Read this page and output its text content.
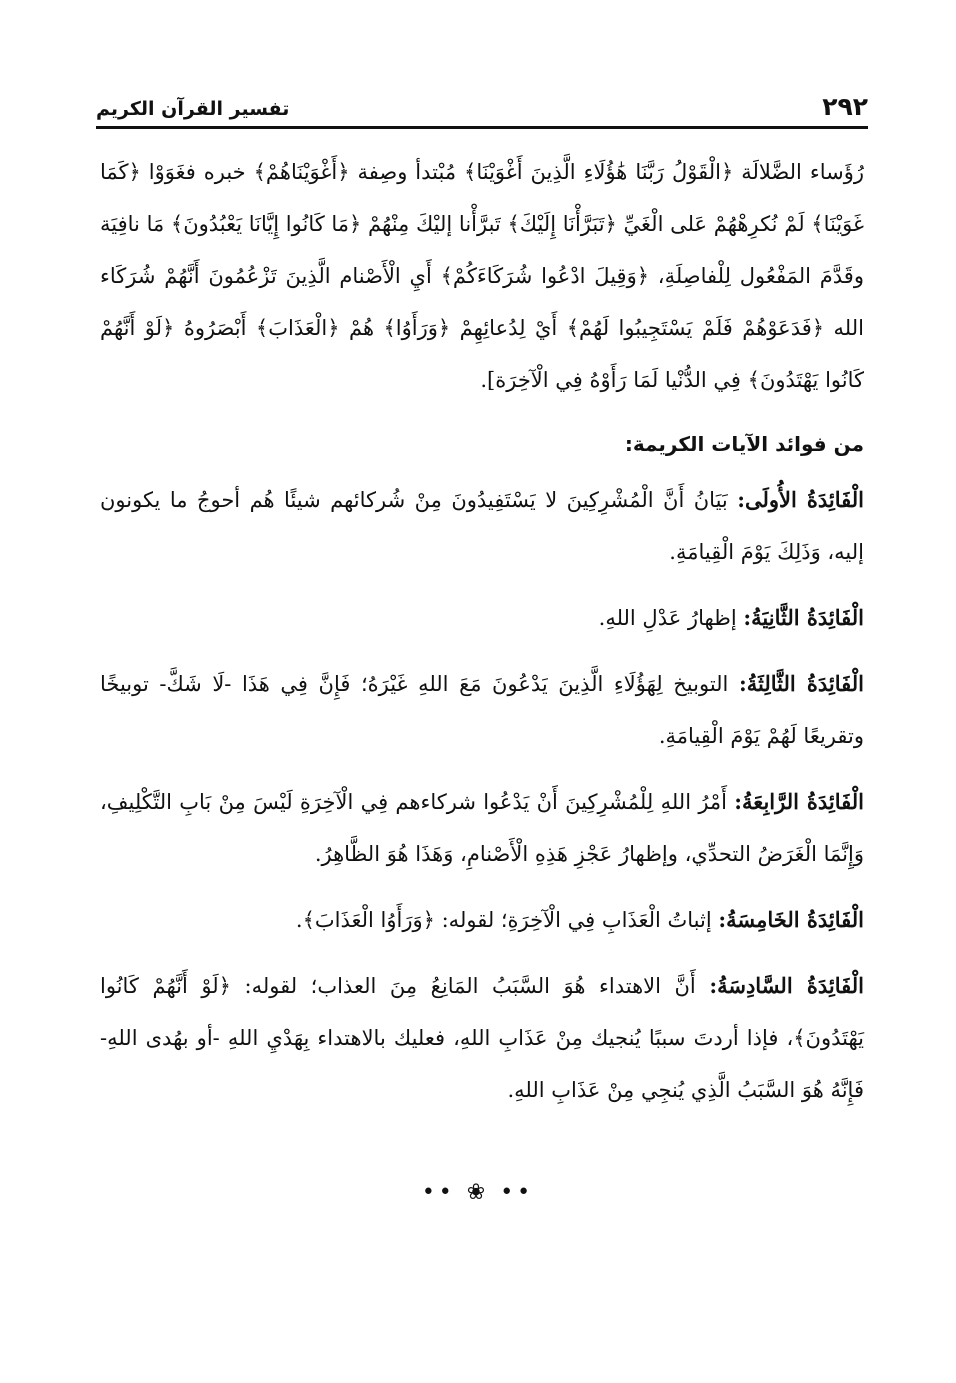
٢٩٢
تفسير القرآن الكريم

رُؤَساء الضَّلالَة ﴿الْقَوْلُ رَبَّنَا هَٰؤُلَاءِ الَّذِينَ أَغْوَيْنَا﴾ مُبْتدأ وصِفة ﴿أَغْوَيْنَاهُمْ﴾ خبره فغَوَوْا ﴿كَمَا غَوَيْنَا﴾ لَمْ نُكرِهْهُمْ عَلى الْغَيِّ ﴿تَبَرَّأْنَا إِلَيْكَ﴾ تَبرَّأْنا إليْكَ مِنْهُمْ ﴿مَا كَانُوا إِيَّانَا يَعْبُدُونَ﴾ مَا نافِيَة وقَدَّمَ المَفْعُول لِلْفاصِلَةِ، ﴿وَقِيلَ ادْعُوا شُرَكَاءَكُمْ﴾ أَيِ الْأَصْنام الَّذِينَ تَزْعُمُونَ أَنَّهُمْ شُرَكَاء الله ﴿فَدَعَوْهُمْ فَلَمْ يَسْتَجِيبُوا لَهُمْ﴾ أَيْ لِدُعائِهِمْ ﴿وَرَأَوُا﴾ هُمْ ﴿الْعَذَابَ﴾ أَبْصَرُوهُ ﴿لَوْ أَنَّهُمْ كَانُوا يَهْتَدُونَ﴾ فِي الدُّنْيا لَمَا رَأَوْهُ فِي الْآخِرَة].

من فوائد الآيات الكريمة:

الْفَائِدَةُ الأُولَى: بَيَانُ أَنَّ الْمُشْرِكِينَ لا يَسْتَفِيدُونَ مِنْ شُركائهم شيئًا هُم أحوجُ ما يكونون إليه، وَذَلِكَ يَوْمَ الْقِيامَةِ.

الْفَائِدَةُ الثَّانِيَةُ: إظهارُ عَدْلِ اللهِ.

الْفَائِدَةُ الثَّالِثَةُ: التوبيخ لِهَؤُلَاءِ الَّذِينَ يَدْعُونَ مَعَ اللهِ غَيْرَهُ؛ فَإِنَّ فِي هَذَا -لَا شَكَّ- توبيخًا وتقريعًا لَهُمْ يَوْمَ الْقِيامَةِ.

الْفَائِدَةُ الرَّابِعَةُ: أَمْرُ اللهِ لِلْمُشْرِكِينَ أَنْ يَدْعُوا شركاءهم فِي الْآخِرَةِ لَيْسَ مِنْ بَابِ التَّكْلِيفِ، وَإِنَّمَا الْغَرَضُ التحدِّي، وإظهارُ عَجْزِ هَذِهِ الْأَصْنامِ، وَهَذَا هُوَ الظَّاهِرُ.

الْفَائِدَةُ الخَامِسَةُ: إثباتُ الْعَذَابِ فِي الْآخِرَةِ؛ لقوله: ﴿وَرَأَوُا الْعَذَابَ﴾.

الْفَائِدَةُ السَّادِسَةُ: أَنَّ الاهتداء هُوَ السَّبَبُ المَانِعُ مِنَ العذاب؛ لقوله: ﴿لَوْ أَنَّهُمْ كَانُوا يَهْتَدُونَ﴾، فإذا أردتَ سببًا يُنجيك مِنْ عَذَابِ اللهِ، فعليك بالاهتداء بِهَدْيِ اللهِ -أو بهُدى اللهِ- فَإِنَّهُ هُوَ السَّبَبُ الَّذِي يُنجِي مِنْ عَذَابِ اللهِ.

•• ❀ ••
